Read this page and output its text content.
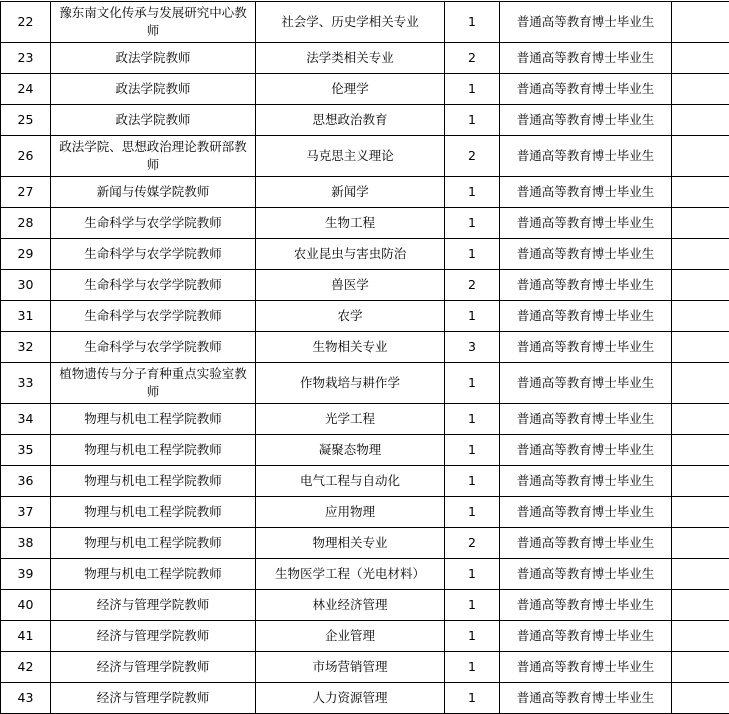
22	豫东南文化传承与发展研究中心教师	社会学、历史学相关专业	1	普通高等教育博士毕业生	
23	政法学院教师	法学类相关专业	2	普通高等教育博士毕业生	
24	政法学院教师	伦理学	1	普通高等教育博士毕业生	
25	政法学院教师	思想政治教育	1	普通高等教育博士毕业生	
26	政法学院、思想政治理论教研部教师	马克思主义理论	2	普通高等教育博士毕业生	
27	新闻与传媒学院教师	新闻学	1	普通高等教育博士毕业生	
28	生命科学与农学学院教师	生物工程	1	普通高等教育博士毕业生	
29	生命科学与农学学院教师	农业昆虫与害虫防治	1	普通高等教育博士毕业生	
30	生命科学与农学学院教师	兽医学	2	普通高等教育博士毕业生	
31	生命科学与农学学院教师	农学	1	普通高等教育博士毕业生	
32	生命科学与农学学院教师	生物相关专业	3	普通高等教育博士毕业生	
33	植物遗传与分子育种重点实验室教师	作物栽培与耕作学	1	普通高等教育博士毕业生	
34	物理与机电工程学院教师	光学工程	1	普通高等教育博士毕业生	
35	物理与机电工程学院教师	凝聚态物理	1	普通高等教育博士毕业生	
36	物理与机电工程学院教师	电气工程与自动化	1	普通高等教育博士毕业生	
37	物理与机电工程学院教师	应用物理	1	普通高等教育博士毕业生	
38	物理与机电工程学院教师	物理相关专业	2	普通高等教育博士毕业生	
39	物理与机电工程学院教师	生物医学工程（光电材料）	1	普通高等教育博士毕业生	
40	经济与管理学院教师	林业经济管理	1	普通高等教育博士毕业生	
41	经济与管理学院教师	企业管理	1	普通高等教育博士毕业生	
42	经济与管理学院教师	市场营销管理	1	普通高等教育博士毕业生	
43	经济与管理学院教师	人力资源管理	1	普通高等教育博士毕业生	
